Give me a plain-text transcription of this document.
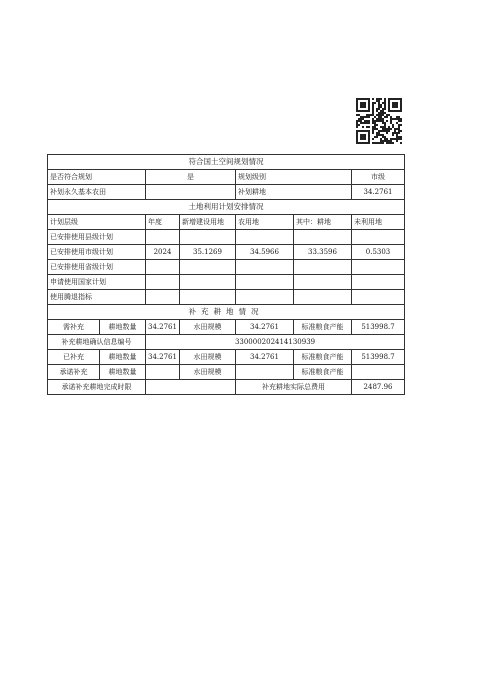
符合国土空间规划情况						
是否符合规划		是		规划级别		市级
补划永久基本农田				补划耕地		34.2761
土地利用计划安排情况						
计划层级		年度	新增建设用地	农用地	其中：耕地	未利用地
已安排使用县级计划						
已安排使用市级计划		2024	35.1269	34.5966	33.3596	0.5303
已安排使用省级计划						
申请使用国家计划						
使用腾退指标						
补充耕地情况						
需补充	耕地数量	34.2761	水田规模	34.2761	标准粮食产能	513998.7
补充耕地确认信息编号		330000202414130939				
已补充	耕地数量	34.2761	水田规模	34.2761	标准粮食产能	513998.7
承诺补充	耕地数量		水田规模		标准粮食产能	
承诺补充耕地完成时限				补充耕地实际总费用		2487.96
